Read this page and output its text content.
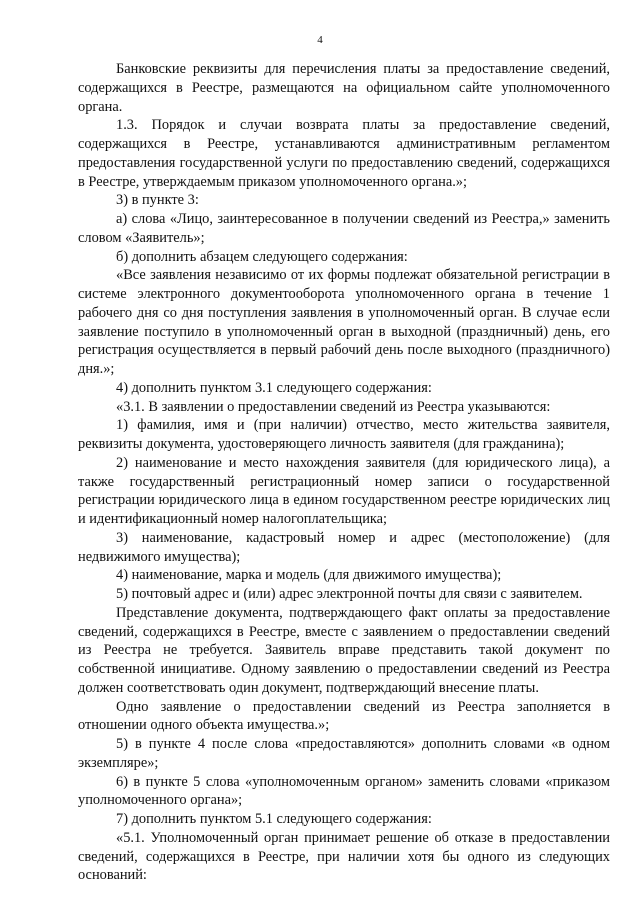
4

Банковские реквизиты для перечисления платы за предоставление сведений, содержащихся в Реестре, размещаются на официальном сайте уполномоченного органа.

1.3. Порядок и случаи возврата платы за предоставление сведений, содержащихся в Реестре, устанавливаются административным регламентом предоставления государственной услуги по предоставлению сведений, содержащихся в Реестре, утверждаемым приказом уполномоченного органа.»;

3) в пункте 3:

а) слова «Лицо, заинтересованное в получении сведений из Реестра,» заменить словом «Заявитель»;

б) дополнить абзацем следующего содержания:

«Все заявления независимо от их формы подлежат обязательной регистрации в системе электронного документооборота уполномоченного органа в течение 1 рабочего дня со дня поступления заявления в уполномоченный орган. В случае если заявление поступило в уполномоченный орган в выходной (праздничный) день, его регистрация осуществляется в первый рабочий день после выходного (праздничного) дня.»;

4) дополнить пунктом 3.1 следующего содержания:

«3.1. В заявлении о предоставлении сведений из Реестра указываются:

1) фамилия, имя и (при наличии) отчество, место жительства заявителя, реквизиты документа, удостоверяющего личность заявителя (для гражданина);

2) наименование и место нахождения заявителя (для юридического лица), а также государственный регистрационный номер записи о государственной регистрации юридического лица в едином государственном реестре юридических лиц и идентификационный номер налогоплательщика;

3) наименование, кадастровый номер и адрес (местоположение) (для недвижимого имущества);

4) наименование, марка и модель (для движимого имущества);

5) почтовый адрес и (или) адрес электронной почты для связи с заявителем.

Представление документа, подтверждающего факт оплаты за предоставление сведений, содержащихся в Реестре, вместе с заявлением о предоставлении сведений из Реестра не требуется. Заявитель вправе представить такой документ по собственной инициативе. Одному заявлению о предоставлении сведений из Реестра должен соответствовать один документ, подтверждающий внесение платы.

Одно заявление о предоставлении сведений из Реестра заполняется в отношении одного объекта имущества.»;

5) в пункте 4 после слова «предоставляются» дополнить словами «в одном экземпляре»;

6) в пункте 5 слова «уполномоченным органом» заменить словами «приказом уполномоченного органа»;

7) дополнить пунктом 5.1 следующего содержания:

«5.1. Уполномоченный орган принимает решение об отказе в предоставлении сведений, содержащихся в Реестре, при наличии хотя бы одного из следующих оснований:
